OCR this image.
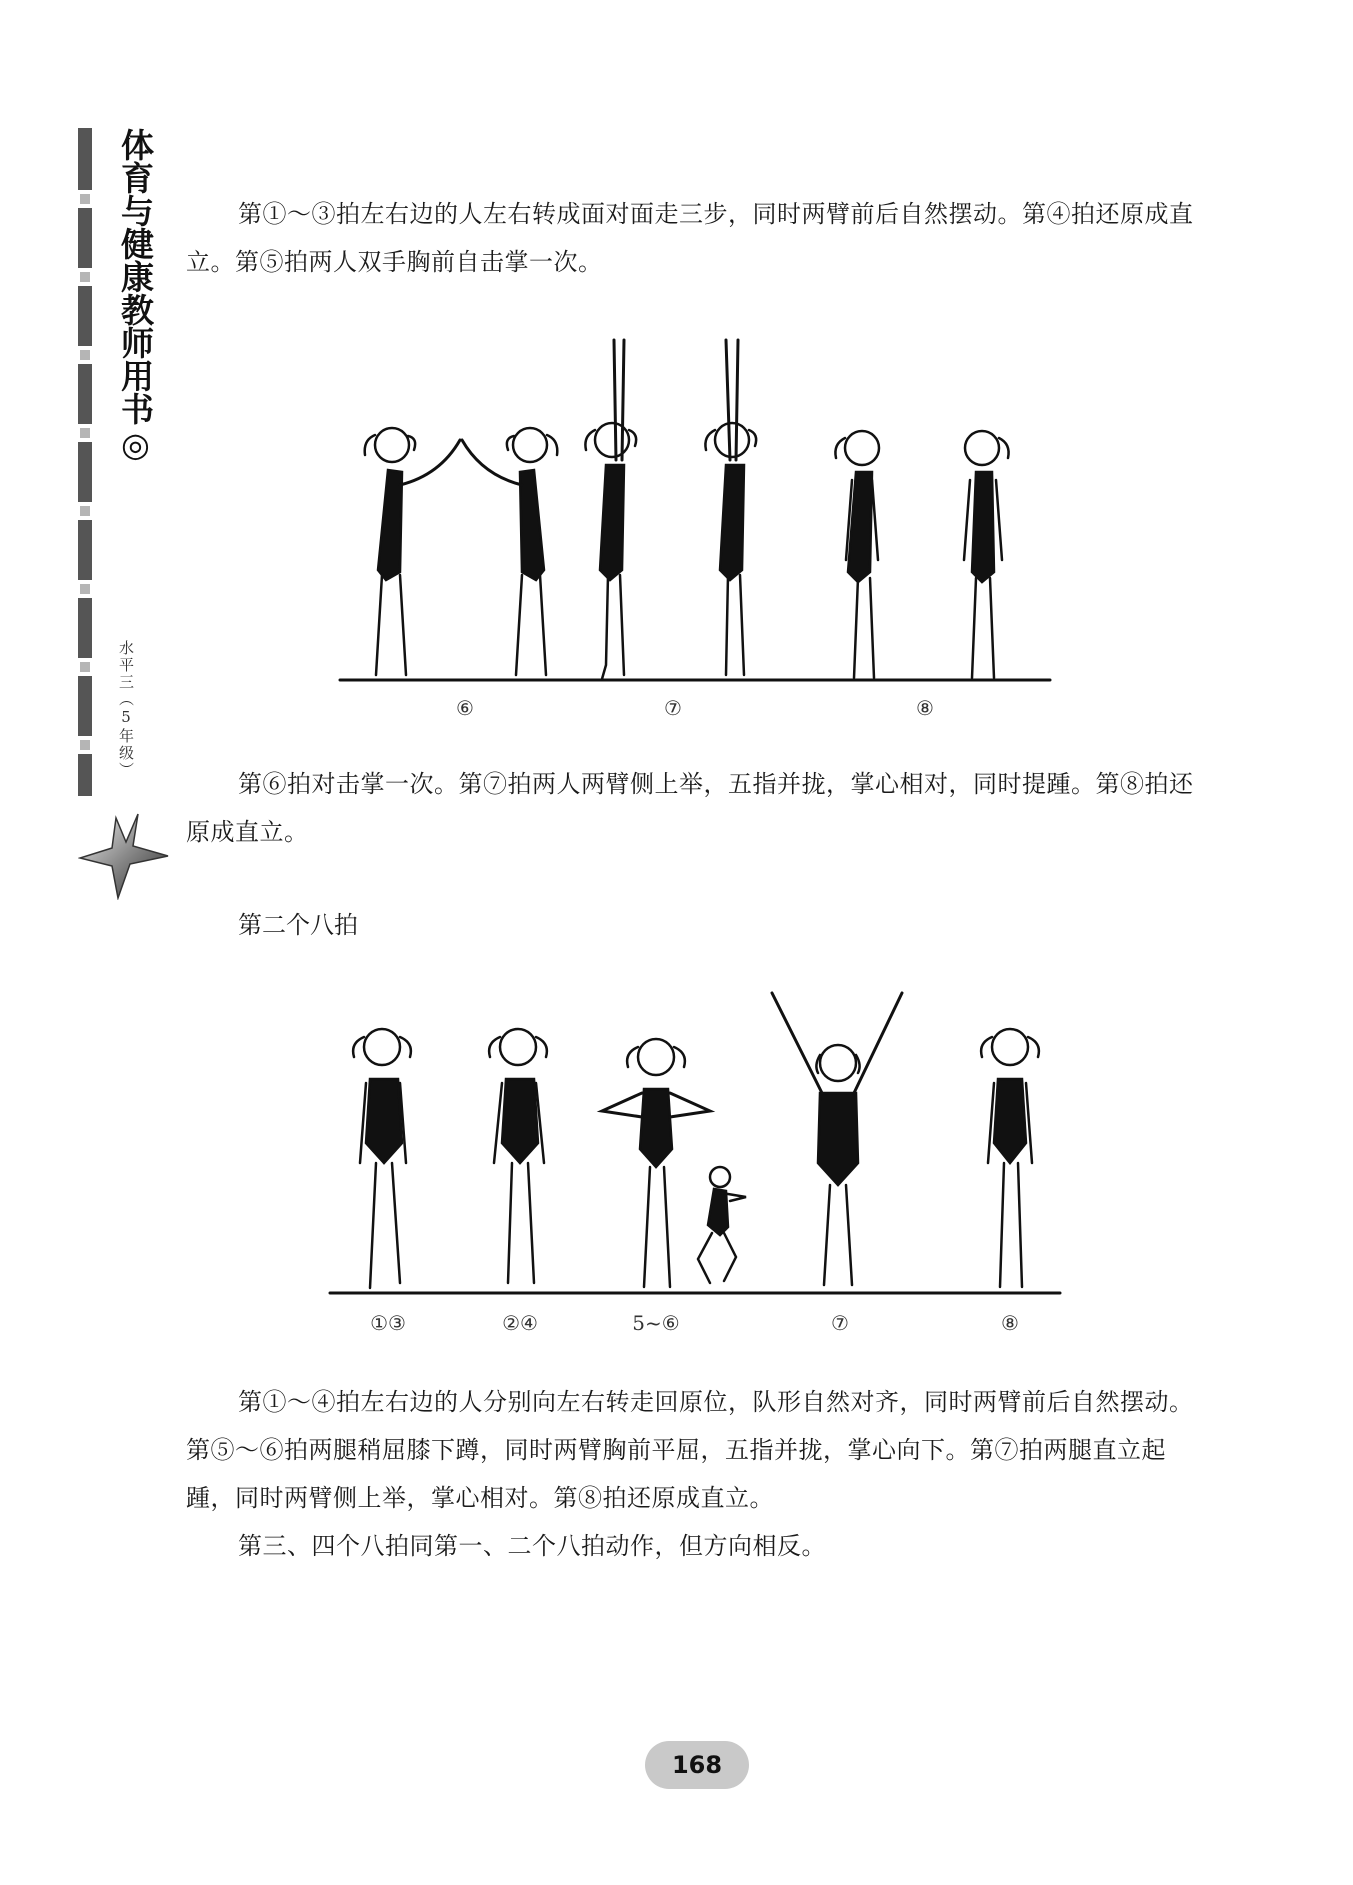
体育与健康教师用书◎
水平三（5年级）

第①～③拍左右边的人左右转成面对面走三步，同时两臂前后自然摆动。第④拍还原成直立。第⑤拍两人双手胸前自击掌一次。

⑥	⑦	⑧

第⑥拍对击掌一次。第⑦拍两人两臂侧上举，五指并拢，掌心相对，同时提踵。第⑧拍还原成直立。

第二个八拍

①③	②④	5~⑥	⑦	⑧

第①～④拍左右边的人分别向左右转走回原位，队形自然对齐，同时两臂前后自然摆动。第⑤～⑥拍两腿稍屈膝下蹲，同时两臂胸前平屈，五指并拢，掌心向下。第⑦拍两腿直立起踵，同时两臂侧上举，掌心相对。第⑧拍还原成直立。

第三、四个八拍同第一、二个八拍动作，但方向相反。

168
